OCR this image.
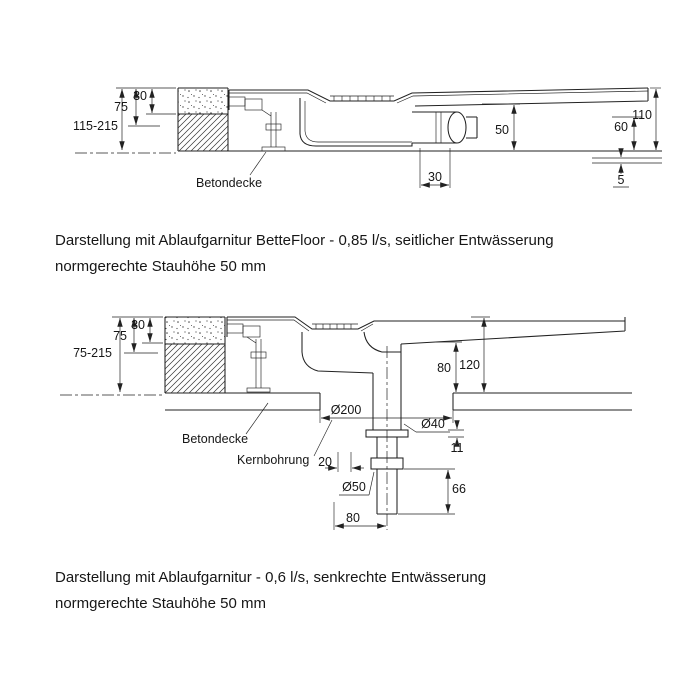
30
75
115-215	50	60
110
30	5
Betondecke
30
75
75-215
80 120
Ø200
Ø40
11
20
Ø50	66
80
Betondecke
Kernbohrung
Darstellung mit Ablaufgarnitur BetteFloor - 0,85 l/s, seitlicher Entwässerung
normgerechte Stauhöhe 50 mm
Darstellung mit Ablaufgarnitur - 0,6 l/s, senkrechte Entwässerung
normgerechte Stauhöhe 50 mm
